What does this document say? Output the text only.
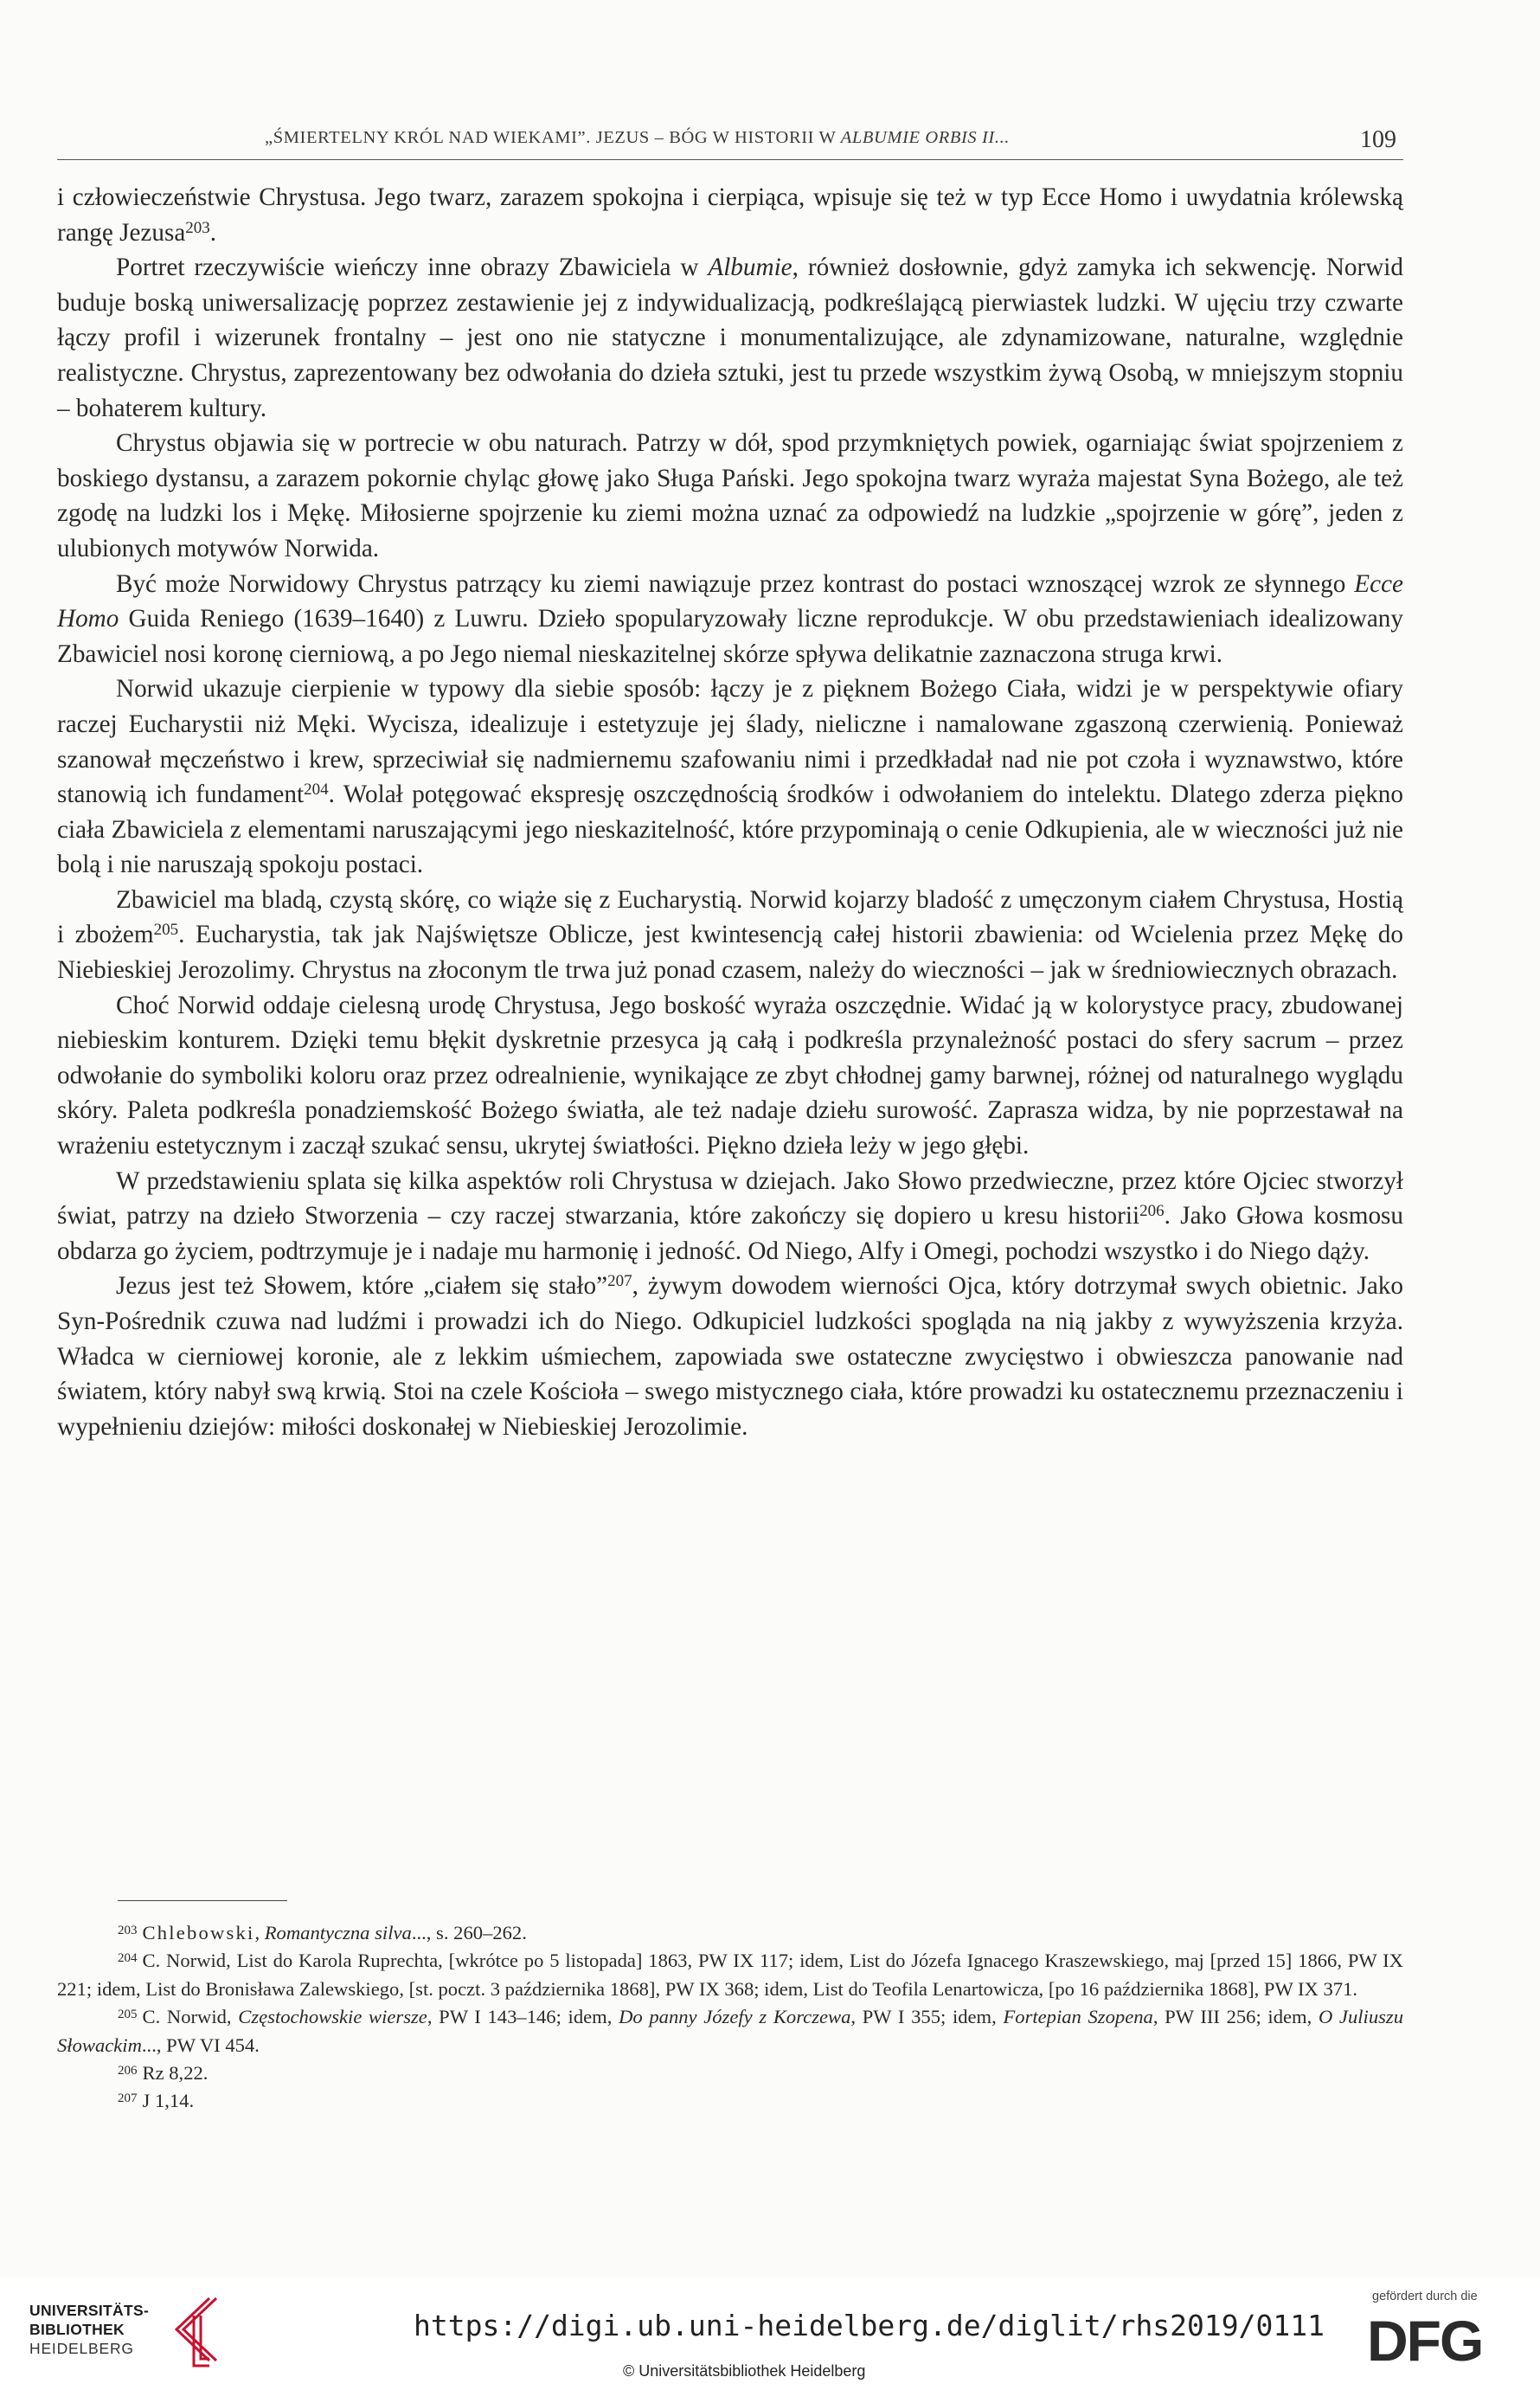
„ŚMIERTELNY KRÓL NAD WIEKAMI”. JEZUS – BÓG W HISTORII W ALBUMIE ORBIS II...	109

i człowieczeństwie Chrystusa. Jego twarz, zarazem spokojna i cierpiąca, wpisuje się też w typ Ecce Homo i uwydatnia królewską rangę Jezusa$^{203}$.

Portret rzeczywiście wieńczy inne obrazy Zbawiciela w Albumie, również dosłownie, gdyż zamyka ich sekwencję. Norwid buduje boską uniwersalizację poprzez zestawienie jej z indywidualizacją, podkreślającą pierwiastek ludzki. W ujęciu trzy czwarte łączy profil i wizerunek frontalny – jest ono nie statyczne i monumentalizujące, ale zdynamizowane, naturalne, względnie realistyczne. Chrystus, zaprezentowany bez odwołania do dzieła sztuki, jest tu przede wszystkim żywą Osobą, w mniejszym stopniu – bohaterem kultury.

Chrystus objawia się w portrecie w obu naturach. Patrzy w dół, spod przymkniętych powiek, ogarniając świat spojrzeniem z boskiego dystansu, a zarazem pokornie chyląc głowę jako Sługa Pański. Jego spokojna twarz wyraża majestat Syna Bożego, ale też zgodę na ludzki los i Mękę. Miłosierne spojrzenie ku ziemi można uznać za odpowiedź na ludzkie „spojrzenie w górę”, jeden z ulubionych motywów Norwida.

Być może Norwidowy Chrystus patrzący ku ziemi nawiązuje przez kontrast do postaci wznoszącej wzrok ze słynnego Ecce Homo Guida Reniego (1639–1640) z Luwru. Dzieło spopularyzowały liczne reprodukcje. W obu przedstawieniach idealizowany Zbawiciel nosi koronę cierniową, a po Jego niemal nieskazitelnej skórze spływa delikatnie zaznaczona struga krwi.

Norwid ukazuje cierpienie w typowy dla siebie sposób: łączy je z pięknem Bożego Ciała, widzi je w perspektywie ofiary raczej Eucharystii niż Męki. Wycisza, idealizuje i estetyzuje jej ślady, nieliczne i namalowane zgaszoną czerwienią. Ponieważ szanował męczeństwo i krew, sprzeciwiał się nadmiernemu szafowaniu nimi i przedkładał nad nie pot czoła i wyznawstwo, które stanowią ich fundament$^{204}$. Wolał potęgować ekspresję oszczędnością środków i odwołaniem do intelektu. Dlatego zderza piękno ciała Zbawiciela z elementami naruszającymi jego nieskazitelność, które przypominają o cenie Odkupienia, ale w wieczności już nie bolą i nie naruszają spokoju postaci.

Zbawiciel ma bladą, czystą skórę, co wiąże się z Eucharystią. Norwid kojarzy bladość z umęczonym ciałem Chrystusa, Hostią i zbożem$^{205}$. Eucharystia, tak jak Najświętsze Oblicze, jest kwintesencją całej historii zbawienia: od Wcielenia przez Mękę do Niebieskiej Jerozolimy. Chrystus na złoconym tle trwa już ponad czasem, należy do wieczności – jak w średniowiecznych obrazach.

Choć Norwid oddaje cielesną urodę Chrystusa, Jego boskość wyraża oszczędnie. Widać ją w kolorystyce pracy, zbudowanej niebieskim konturem. Dzięki temu błękit dyskretnie przesyca ją całą i podkreśla przynależność postaci do sfery sacrum – przez odwołanie do symboliki koloru oraz przez odrealnienie, wynikające ze zbyt chłodnej gamy barwnej, różnej od naturalnego wyglądu skóry. Paleta podkreśla ponadziemskość Bożego światła, ale też nadaje dziełu surowość. Zaprasza widza, by nie poprzestawał na wrażeniu estetycznym i zaczął szukać sensu, ukrytej światłości. Piękno dzieła leży w jego głębi.

W przedstawieniu splata się kilka aspektów roli Chrystusa w dziejach. Jako Słowo przedwieczne, przez które Ojciec stworzył świat, patrzy na dzieło Stworzenia – czy raczej stwarzania, które zakończy się dopiero u kresu historii$^{206}$. Jako Głowa kosmosu obdarza go życiem, podtrzymuje je i nadaje mu harmonię i jedność. Od Niego, Alfy i Omegi, pochodzi wszystko i do Niego dąży.

Jezus jest też Słowem, które „ciałem się stało”$^{207}$, żywym dowodem wierności Ojca, który dotrzymał swych obietnic. Jako Syn-Pośrednik czuwa nad ludźmi i prowadzi ich do Niego. Odkupiciel ludzkości spogląda na nią jakby z wywyższenia krzyża. Władca w cierniowej koronie, ale z lekkim uśmiechem, zapowiada swe ostateczne zwycięstwo i obwieszcza panowanie nad światem, który nabył swą krwią. Stoi na czele Kościoła – swego mistycznego ciała, które prowadzi ku ostatecznemu przeznaczeniu i wypełnieniu dziejów: miłości doskonałej w Niebieskiej Jerozolimie.

$^{203}$ Chlebowski, Romantyczna silva..., s. 260–262.

$^{204}$ C. Norwid, List do Karola Ruprechta, [wkrótce po 5 listopada] 1863, PW IX 117; idem, List do Józefa Ignacego Kraszewskiego, maj [przed 15] 1866, PW IX 221; idem, List do Bronisława Zalewskiego, [st. poczt. 3 października 1868], PW IX 368; idem, List do Teofila Lenartowicza, [po 16 października 1868], PW IX 371.

$^{205}$ C. Norwid, Częstochowskie wiersze, PW I 143–146; idem, Do panny Józefy z Korczewa, PW I 355; idem, Fortepian Szopena, PW III 256; idem, O Juliuszu Słowackim..., PW VI 454.

$^{206}$ Rz 8,22.

$^{207}$ J 1,14.

UNIVERSITÄTS-
BIBLIOTHEK
HEIDELBERG
https://digi.ub.uni-heidelberg.de/diglit/rhs2019/0111
© Universitätsbibliothek Heidelberg
gefördert durch die
DFG
